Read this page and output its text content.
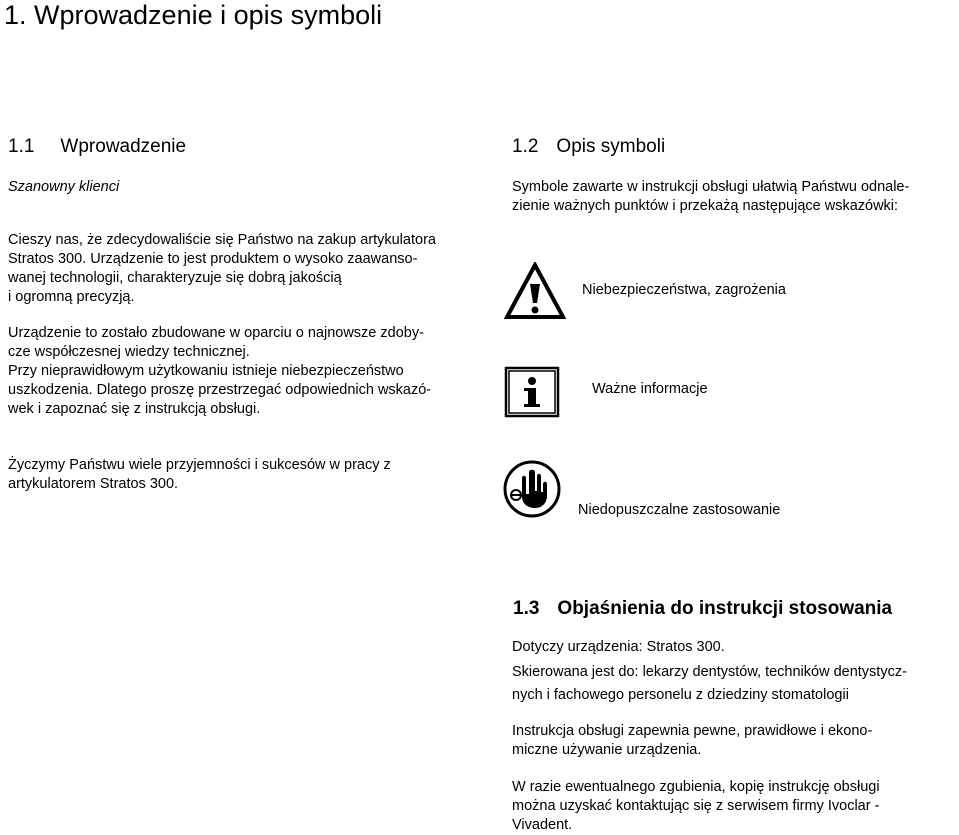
1. Wprowadzenie i opis symboli
1.1 Wprowadzenie
Szanowny klienci
Cieszy nas, że zdecydowaliście się Państwo na zakup artykulatora
Stratos 300. Urządzenie to jest produktem o wysoko zaawanso-
wanej technologii, charakteryzuje się dobrą jakością
i ogromną precyzją.
Urządzenie to zostało zbudowane w oparciu o najnowsze zdoby-
cze współczesnej wiedzy technicznej.
Przy nieprawidłowym użytkowaniu istnieje niebezpieczeństwo
uszkodzenia. Dlatego proszę przestrzegać odpowiednich wskazó-
wek i zapoznać się z instrukcją obsługi.
Życzymy Państwu wiele przyjemności i sukcesów w pracy z
artykulatorem Stratos 300.
1.2 Opis symboli
Symbole zawarte w instrukcji obsługi ułatwią Państwu odnale-
zienie ważnych punktów i przekażą następujące wskazówki:
Niebezpieczeństwa, zagrożenia
Ważne informacje
Niedopuszczalne zastosowanie
1.3 Objaśnienia do instrukcji stosowania
Dotyczy urządzenia: Stratos 300.
Skierowana jest do: lekarzy dentystów, techników dentystycz-
nych i fachowego personelu z dziedziny stomatologii
Instrukcja obsługi zapewnia pewne, prawidłowe i ekono-
miczne używanie urządzenia.
W razie ewentualnego zgubienia, kopię instrukcję obsługi
można uzyskać kontaktując się z serwisem firmy Ivoclar -
Vivadent.
